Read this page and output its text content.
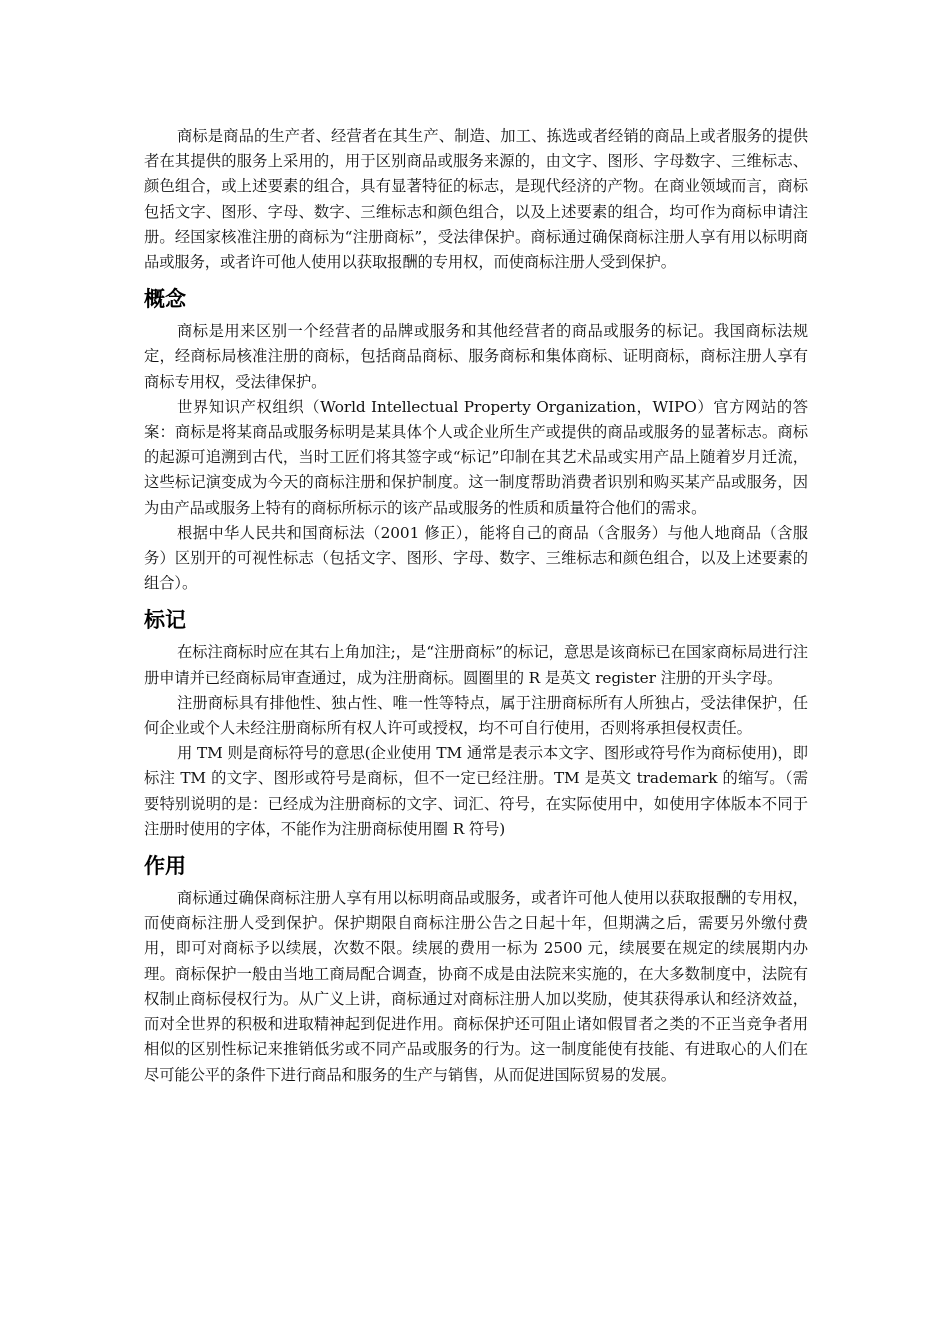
商标是商品的生产者、经营者在其生产、制造、加工、拣选或者经销的商品上或者服务的提供者在其提供的服务上采用的，用于区别商品或服务来源的，由文字、图形、字母数字、三维标志、颜色组合，或上述要素的组合，具有显著特征的标志，是现代经济的产物。在商业领域而言，商标包括文字、图形、字母、数字、三维标志和颜色组合，以及上述要素的组合，均可作为商标申请注册。经国家核准注册的商标为“注册商标”，受法律保护。商标通过确保商标注册人享有用以标明商品或服务，或者许可他人使用以获取报酬的专用权，而使商标注册人受到保护。

概念

商标是用来区别一个经营者的品牌或服务和其他经营者的商品或服务的标记。我国商标法规定，经商标局核准注册的商标，包括商品商标、服务商标和集体商标、证明商标，商标注册人享有商标专用权，受法律保护。

世界知识产权组织（World Intellectual Property Organization，WIPO）官方网站的答案：商标是将某商品或服务标明是某具体个人或企业所生产或提供的商品或服务的显著标志。商标的起源可追溯到古代，当时工匠们将其签字或“标记”印制在其艺术品或实用产品上随着岁月迁流，这些标记演变成为今天的商标注册和保护制度。这一制度帮助消费者识别和购买某产品或服务，因为由产品或服务上特有的商标所标示的该产品或服务的性质和质量符合他们的需求。

根据中华人民共和国商标法（2001 修正），能将自己的商品（含服务）与他人地商品（含服务）区别开的可视性标志（包括文字、图形、字母、数字、三维标志和颜色组合，以及上述要素的组合）。

标记

在标注商标时应在其右上角加注;，是“注册商标”的标记，意思是该商标已在国家商标局进行注册申请并已经商标局审查通过，成为注册商标。圆圈里的 R 是英文 register 注册的开头字母。

注册商标具有排他性、独占性、唯一性等特点，属于注册商标所有人所独占，受法律保护，任何企业或个人未经注册商标所有权人许可或授权，均不可自行使用，否则将承担侵权责任。

用 TM 则是商标符号的意思(企业使用 TM 通常是表示本文字、图形或符号作为商标使用)，即标注 TM 的文字、图形或符号是商标，但不一定已经注册。TM 是英文 trademark 的缩写。（需要特别说明的是：已经成为注册商标的文字、词汇、符号，在实际使用中，如使用字体版本不同于注册时使用的字体，不能作为注册商标使用圈 R 符号)

作用

商标通过确保商标注册人享有用以标明商品或服务，或者许可他人使用以获取报酬的专用权，而使商标注册人受到保护。保护期限自商标注册公告之日起十年，但期满之后，需要另外缴付费用，即可对商标予以续展，次数不限。续展的费用一标为 2500 元，续展要在规定的续展期内办理。商标保护一般由当地工商局配合调查，协商不成是由法院来实施的，在大多数制度中，法院有权制止商标侵权行为。从广义上讲，商标通过对商标注册人加以奖励，使其获得承认和经济效益，而对全世界的积极和进取精神起到促进作用。商标保护还可阻止诸如假冒者之类的不正当竞争者用相似的区别性标记来推销低劣或不同产品或服务的行为。这一制度能使有技能、有进取心的人们在尽可能公平的条件下进行商品和服务的生产与销售，从而促进国际贸易的发展。
